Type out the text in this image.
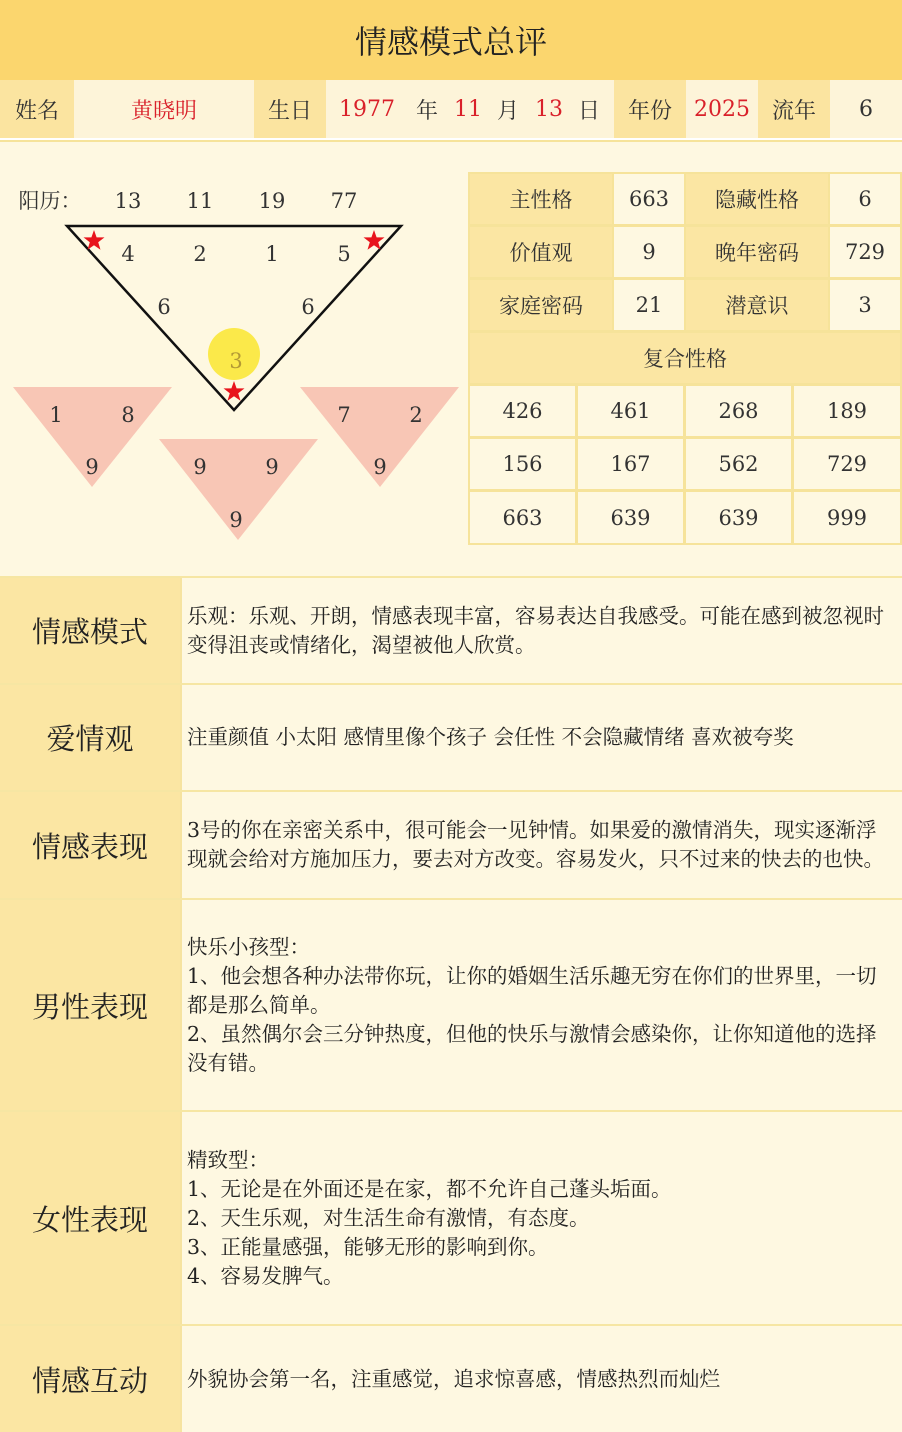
情感模式总评
姓名	黄晓明	生日	1977 年 11 月 13 日	年份	2025 流年	6
阳历：	13	11	19	77
4	2	1	5
6	6
3
1	8
9	9	9
9
7	2
9
主性格	663	隐藏性格	6
价值观	9	晚年密码	729
家庭密码	21	潜意识	3
复合性格
426	461	268	189
156	167	562	729
663	639	639	999
情感模式	乐观：乐观、开朗，情感表现丰富，容易表达自我感受。可能在感到被忽视时变得沮丧或情绪化，渴望被他人欣赏。
爱情观	注重颜值 小太阳 感情里像个孩子 会任性 不会隐藏情绪 喜欢被夸奖
情感表现	3号的你在亲密关系中，很可能会一见钟情。如果爱的激情消失，现实逐渐浮现就会给对方施加压力，要去对方改变。容易发火，只不过来的快去的也快。
男性表现
快乐小孩型：
1、他会想各种办法带你玩，让你的婚姻生活乐趣无穷在你们的世界里，一切都是那么简单。
2、虽然偶尔会三分钟热度，但他的快乐与激情会感染你，让你知道他的选择没有错。
女性表现
精致型：
1、无论是在外面还是在家，都不允许自己蓬头垢面。
2、天生乐观，对生活生命有激情，有态度。
3、正能量感强，能够无形的影响到你。
4、容易发脾气。
情感互动	外貌协会第一名，注重感觉，追求惊喜感，情感热烈而灿烂
